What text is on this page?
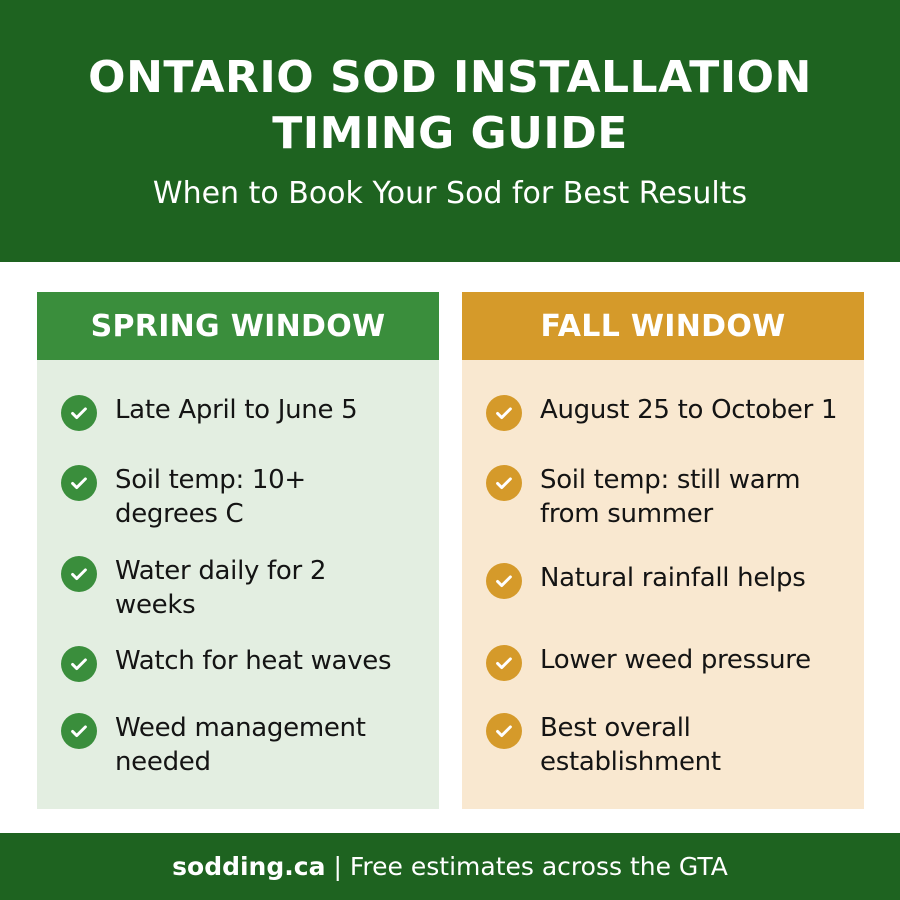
ONTARIO SOD INSTALLATION
TIMING GUIDE
When to Book Your Sod for Best Results
SPRING WINDOW
Late April to June 5
Soil temp: 10+
degrees C
Water daily for 2
weeks
Watch for heat waves
Weed management
needed
FALL WINDOW
August 25 to October 1
Soil temp: still warm
from summer
Natural rainfall helps
Lower weed pressure
Best overall
establishment
sodding.ca | Free estimates across the GTA
